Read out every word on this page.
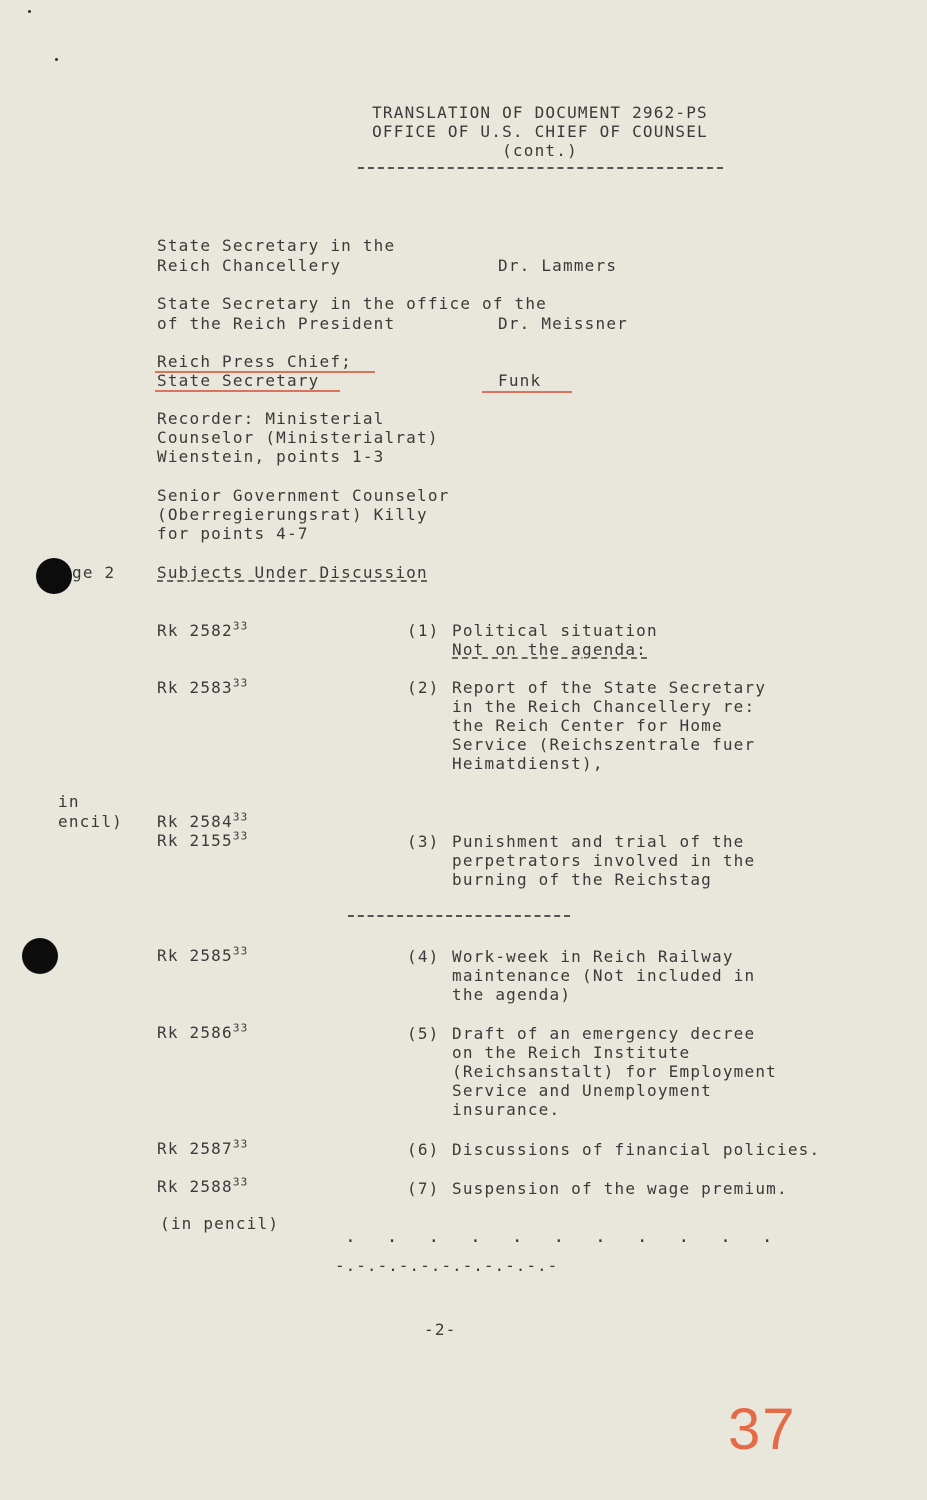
TRANSLATION OF DOCUMENT 2962-PS
OFFICE OF U.S. CHIEF OF COUNSEL
(cont.)
State Secretary in the
Reich Chancellery	Dr. Lammers
State Secretary in the office of the
of the Reich President	Dr. Meissner
Reich Press Chief;
State Secretary	Funk
Recorder: Ministerial
Counselor (Ministerialrat)
Wienstein, points 1-3
Senior Government Counselor
(Oberregierungsrat) Killy
for points 4-7
ge 2	Subjects Under Discussion
Rk 2582$^{33}$	(1) Political situation
Not on the agenda:
Rk 2583$^{33}$	(2) Report of the State Secretary
in the Reich Chancellery re:
the Reich Center for Home
Service (Reichszentrale fuer
Heimatdienst),
in
encil) Rk 2584$^{33}$
Rk 2155$^{33}$	(3) Punishment and trial of the
perpetrators involved in the
burning of the Reichstag
Rk 2585$^{33}$	(4) Work-week in Reich Railway
maintenance (Not included in
the agenda)
Rk 2586$^{33}$	(5) Draft of an emergency decree
on the Reich Institute
(Reichsanstalt) for Employment
Service and Unemployment
insurance.
Rk 2587$^{33}$	(6) Discussions of financial policies.
Rk 2588$^{33}$	(7) Suspension of the wage premium.
(in pencil)
. . . . . . . . . . .
-.-.-.-.-.-.-.-.-.-.-
-2-
37
